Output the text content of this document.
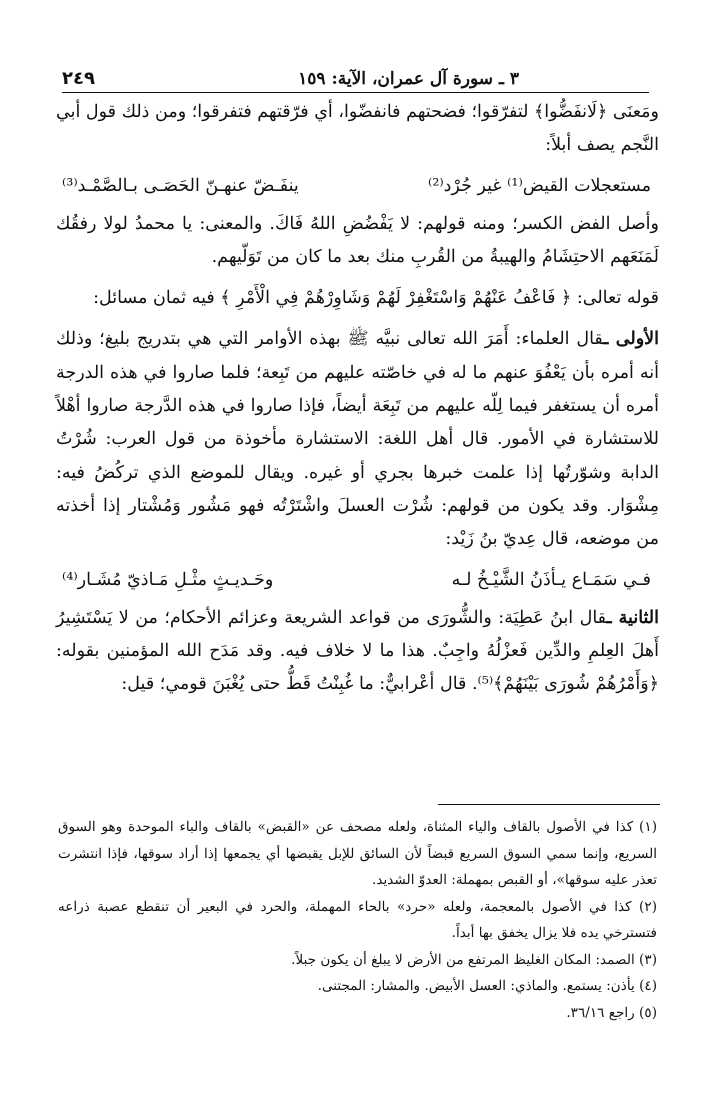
٢٤٩	٣ ـ سورة آل عمران، الآية: ١٥٩

ومَعنَى ﴿لَانفَضُّوا﴾ لتفرّقوا؛ فضحتهم فانفضّوا، أي فرّقتهم فتفرقوا؛ ومن ذلك قول أبي النَّجم يصف أبلاً:

مستعجلات القيض⁽¹⁾ غير جُرْد⁽²⁾
ينفَـضّ عنهـنّ الحَصَـى بـالصَّمْـد⁽³⁾

وأصل الفض الكسر؛ ومنه قولهم: لا يَفْضُضِ اللهُ فَاكَ. والمعنى: يا محمدُ لولا رفقُك لَمَنَعَهم الاحتِشَامُ والهيبةُ من القُربِ منك بعد ما كان من تَوَلّيهم.

قوله تعالى: ﴿ فَاعْفُ عَنْهُمْ وَاسْتَغْفِرْ لَهُمْ وَشَاوِرْهُمْ فِي الْأَمْرِ ﴾ فيه ثمان مسائل:

الأولى ـقال العلماء: أَمَرَ الله تعالى نبيَّه ﷺ بهذه الأوامر التي هي بتدريج بليغ؛ وذلك أنه أمره بأن يَعْفُوَ عنهم ما له في خاصّته عليهم من تَبِعة؛ فلما صاروا في هذه الدرجة أمره أن يستغفر فيما لِلّه عليهم من تَبِعَة أيضاً، فإذا صاروا في هذه الدَّرجة صاروا أهْلاً للاستشارة في الأمور. قال أهل اللغة: الاستشارة مأخوذة من قول العرب: شُرْتُ الدابة وشوّرتُها إذا علمت خبرها بجري أو غيره. ويقال للموضع الذي تركُضُ فيه: مِشْوَار. وقد يكون من قولهم: شُرْت العسلَ واشْتَرْتُه فهو مَشُور وَمُشْتار إذا أخذته من موضعه، قال عِديّ بنُ زَيْد:

فـي سَمَـاع يـأذَنُ الشَّيْـخُ لـه
وحَـديـثٍ مثْـلِ مَـاذيّ مُشَـار⁽⁴⁾

الثانية ـقال ابنُ عَطِيَة: والشُّورَى من قواعد الشريعة وعزائم الأحكام؛ من لا يَسْتَشِيرُ أَهلَ العِلمِ والدِّين فَعزْلُهُ واجِبٌ. هذا ما لا خلاف فيه. وقد مَدَح الله المؤمنين بقوله: ﴿وَأَمْرُهُمْ شُورَى بَيْنَهُمْ﴾⁽⁵⁾. قال أعْرابيٌّ: ما غُبِنْتُ قَطُّ حتى يُغْبَنَ قومي؛ قيل:

(١) كذا في الأصول بالقاف والياء المثناة، ولعله مصحف عن «القبض» بالقاف والباء الموحدة وهو السوق السريع، وإنما سمي السوق السريع قبضاً لأن السائق للإبل يقبضها أي يجمعها إذا أراد سوقها، فإذا انتشرت تعذر عليه سوقها»، أو القبص بمهملة: العدوّ الشديد.

(٢) كذا في الأصول بالمعجمة، ولعله «حرد» بالحاء المهملة، والحرد في البعير أن تنقطع عصبة ذراعه فتسترخي يده فلا يزال يخفق بها أبداً.

(٣) الصمد: المكان الغليظ المرتفع من الأرض لا يبلغ أن يكون جبلاً.

(٤) يأذن: يستمع. والماذي: العسل الأبيض. والمشار: المجتنى.

(٥) راجع ٣٦/١٦.
